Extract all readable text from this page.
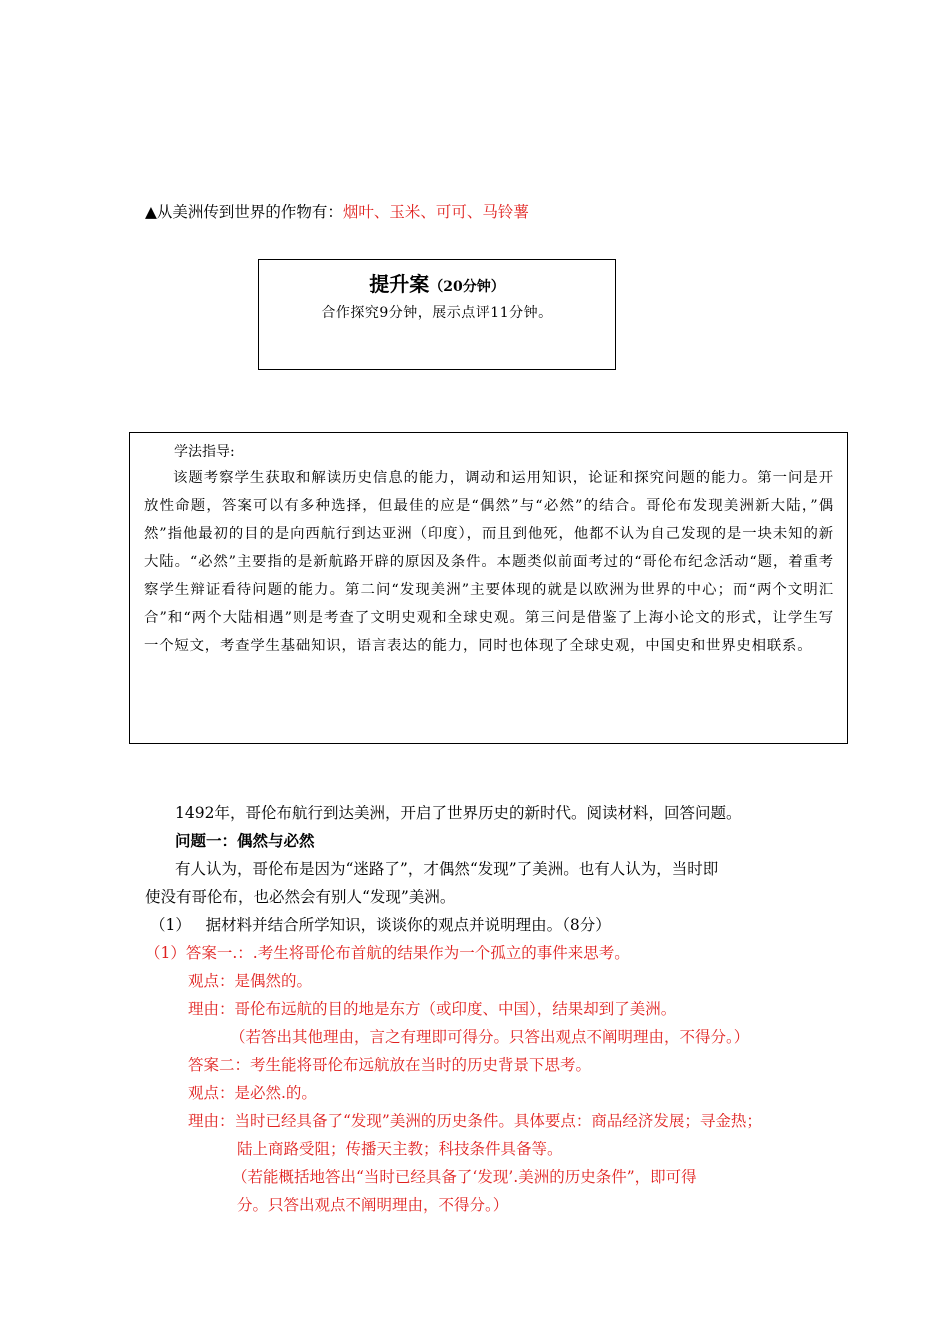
▲从美洲传到世界的作物有：烟叶、玉米、可可、马铃薯
提升案（20分钟）
合作探究9分钟，展示点评11分钟。
学法指导:

该题考察学生获取和解读历史信息的能力，调动和运用知识，论证和探究问题的能力。第一问是开放性命题，答案可以有多种选择，但最佳的应是“偶然”与“必然”的结合。哥伦布发现美洲新大陆，”偶然”指他最初的目的是向西航行到达亚洲（印度），而且到他死，他都不认为自己发现的是一块未知的新大陆。“必然”主要指的是新航路开辟的原因及条件。本题类似前面考过的“哥伦布纪念活动“题，着重考察学生辩证看待问题的能力。第二问“发现美洲”主要体现的就是以欧洲为世界的中心；而“两个文明汇合”和“两个大陆相遇”则是考查了文明史观和全球史观。第三问是借鉴了上海小论文的形式，让学生写一个短文，考查学生基础知识，语言表达的能力，同时也体现了全球史观，中国史和世界史相联系。

1492年，哥伦布航行到达美洲，开启了世界历史的新时代。阅读材料，回答问题。
问题一：偶然与必然
有人认为，哥伦布是因为“迷路了”，才偶然“发现”了美洲。也有人认为，当时即
使没有哥伦布，也必然会有别人“发现”美洲。
（1）   据材料并结合所学知识，谈谈你的观点并说明理由。（8分）
（1）答案一.：.考生将哥伦布首航的结果作为一个孤立的事件来思考。
观点：是偶然的。
理由：哥伦布远航的目的地是东方（或印度、中国），结果却到了美洲。
（若答出其他理由，言之有理即可得分。只答出观点不阐明理由，不得分。）
答案二：考生能将哥伦布远航放在当时的历史背景下思考。
观点：是必然.的。
理由：当时已经具备了“发现”美洲的历史条件。具体要点：商品经济发展；寻金热；
陆上商路受阻；传播天主教；科技条件具备等。
（若能概括地答出“当时已经具备了‘发现’.美洲的历史条件”，即可得
分。只答出观点不阐明理由，不得分。）
